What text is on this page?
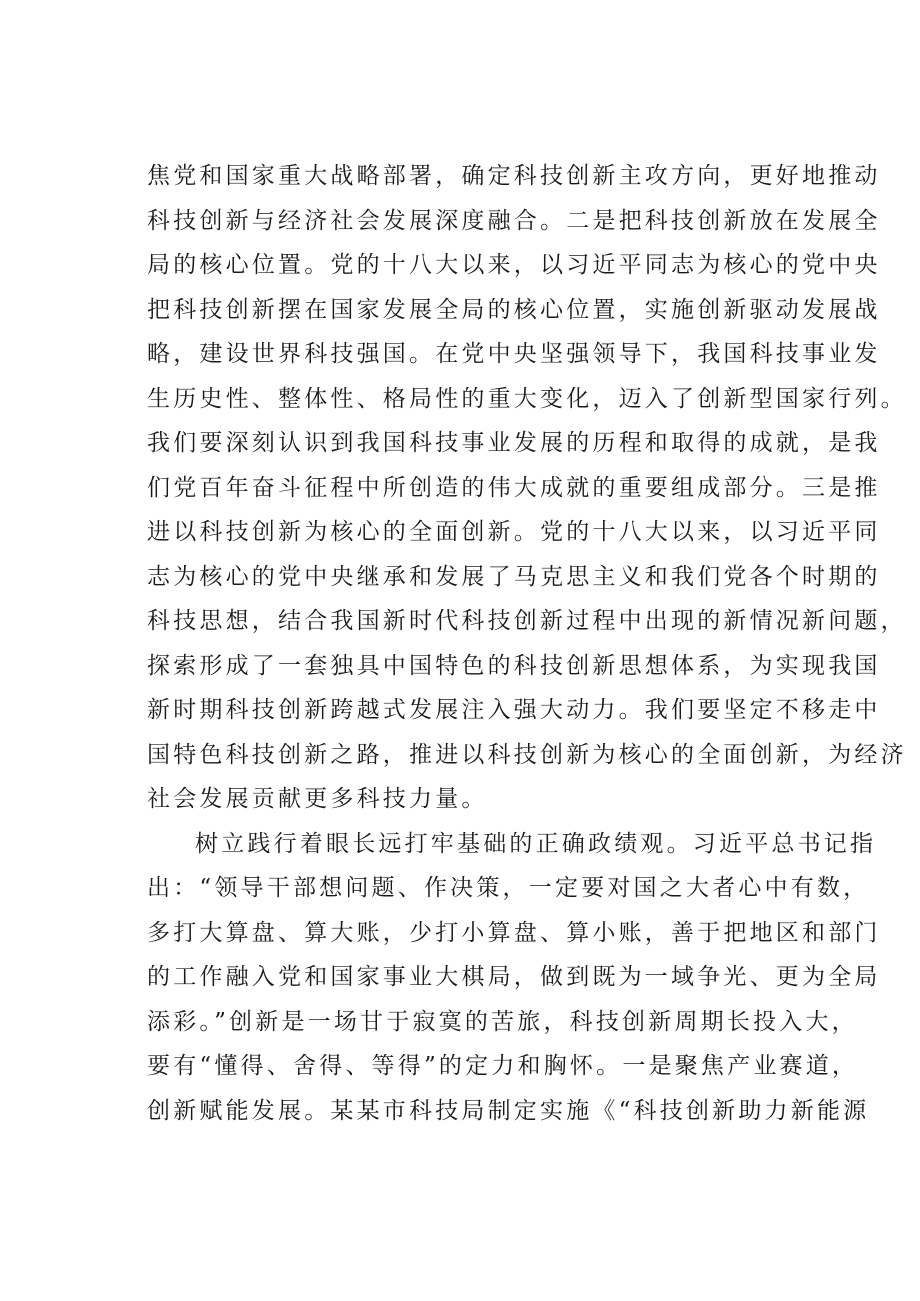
焦党和国家重大战略部署，确定科技创新主攻方向，更好地推动
科技创新与经济社会发展深度融合。二是把科技创新放在发展全
局的核心位置。党的十八大以来，以习近平同志为核心的党中央
把科技创新摆在国家发展全局的核心位置，实施创新驱动发展战
略，建设世界科技强国。在党中央坚强领导下，我国科技事业发
生历史性、整体性、格局性的重大变化，迈入了创新型国家行列。
我们要深刻认识到我国科技事业发展的历程和取得的成就，是我
们党百年奋斗征程中所创造的伟大成就的重要组成部分。三是推
进以科技创新为核心的全面创新。党的十八大以来，以习近平同
志为核心的党中央继承和发展了马克思主义和我们党各个时期的
科技思想，结合我国新时代科技创新过程中出现的新情况新问题，
探索形成了一套独具中国特色的科技创新思想体系，为实现我国
新时期科技创新跨越式发展注入强大动力。我们要坚定不移走中
国特色科技创新之路，推进以科技创新为核心的全面创新，为经济
社会发展贡献更多科技力量。
树立践行着眼长远打牢基础的正确政绩观。习近平总书记指
出：“领导干部想问题、作决策，一定要对国之大者心中有数，
多打大算盘、算大账，少打小算盘、算小账，善于把地区和部门
的工作融入党和国家事业大棋局，做到既为一域争光、更为全局
添彩。”创新是一场甘于寂寞的苦旅，科技创新周期长投入大，
要有“懂得、舍得、等得”的定力和胸怀。一是聚焦产业赛道，
创新赋能发展。某某市科技局制定实施《“科技创新助力新能源
